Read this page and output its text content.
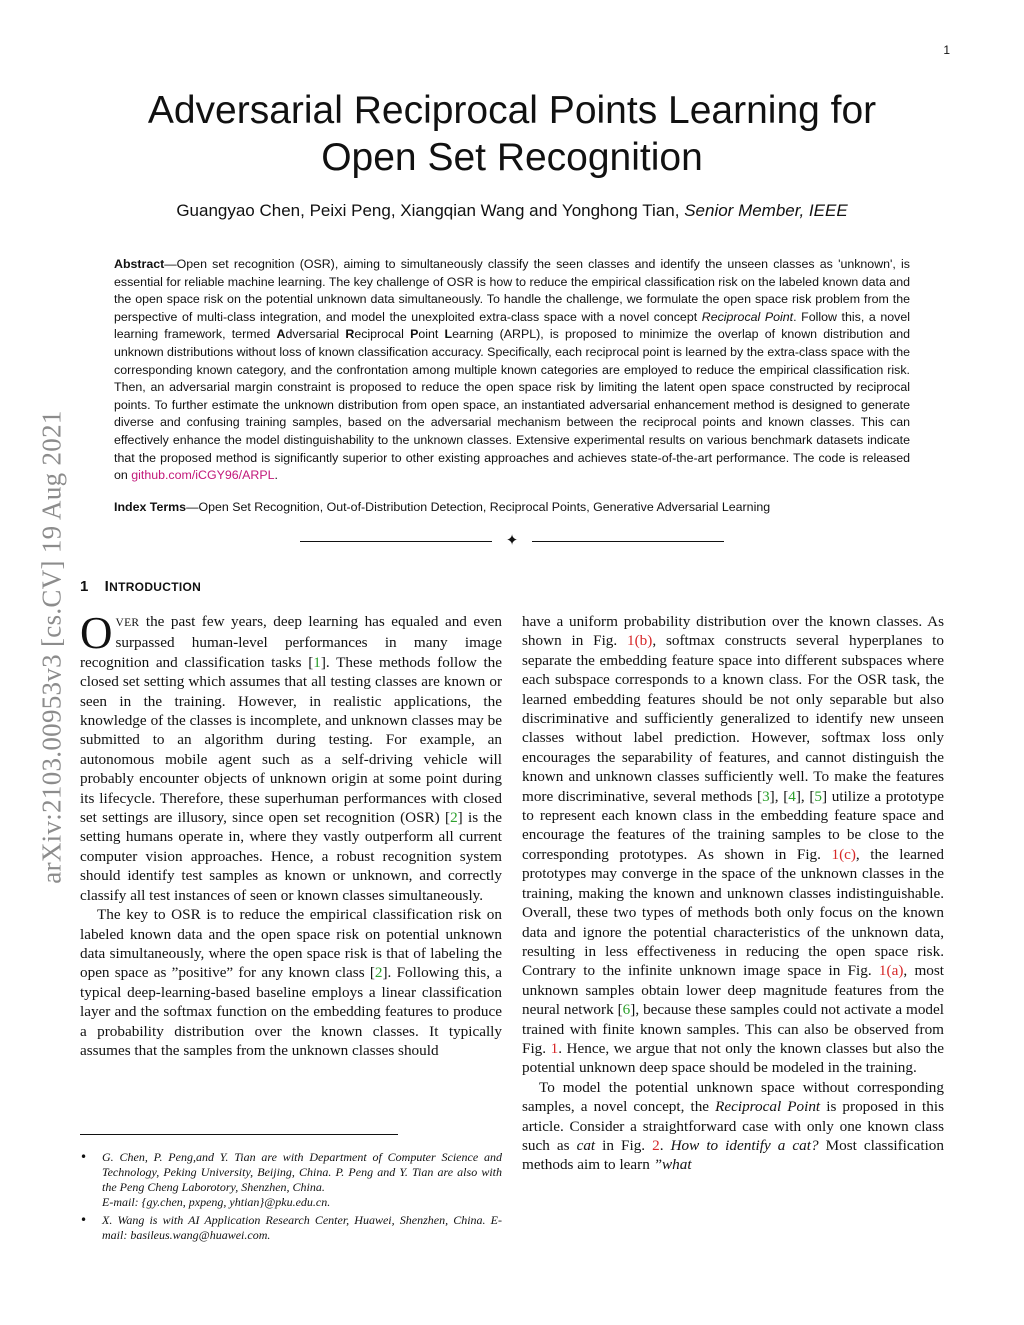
1
arXiv:2103.00953v3 [cs.CV] 19 Aug 2021
Adversarial Reciprocal Points Learning for Open Set Recognition
Guangyao Chen, Peixi Peng, Xiangqian Wang and Yonghong Tian, Senior Member, IEEE
Abstract—Open set recognition (OSR), aiming to simultaneously classify the seen classes and identify the unseen classes as 'unknown', is essential for reliable machine learning. The key challenge of OSR is how to reduce the empirical classification risk on the labeled known data and the open space risk on the potential unknown data simultaneously. To handle the challenge, we formulate the open space risk problem from the perspective of multi-class integration, and model the unexploited extra-class space with a novel concept Reciprocal Point. Follow this, a novel learning framework, termed Adversarial Reciprocal Point Learning (ARPL), is proposed to minimize the overlap of known distribution and unknown distributions without loss of known classification accuracy. Specifically, each reciprocal point is learned by the extra-class space with the corresponding known category, and the confrontation among multiple known categories are employed to reduce the empirical classification risk. Then, an adversarial margin constraint is proposed to reduce the open space risk by limiting the latent open space constructed by reciprocal points. To further estimate the unknown distribution from open space, an instantiated adversarial enhancement method is designed to generate diverse and confusing training samples, based on the adversarial mechanism between the reciprocal points and known classes. This can effectively enhance the model distinguishability to the unknown classes. Extensive experimental results on various benchmark datasets indicate that the proposed method is significantly superior to other existing approaches and achieves state-of-the-art performance. The code is released on github.com/iCGY96/ARPL.
Index Terms—Open Set Recognition, Out-of-Distribution Detection, Reciprocal Points, Generative Adversarial Learning
✦
1 INTRODUCTION

OVER the past few years, deep learning has equaled and even surpassed human-level performances in many image recognition and classification tasks [1]. These methods follow the closed set setting which assumes that all testing classes are known or seen in the training. However, in realistic applications, the knowledge of the classes is incomplete, and unknown classes may be submitted to an algorithm during testing. For example, an autonomous mobile agent such as a self-driving vehicle will probably encounter objects of unknown origin at some point during its lifecycle. Therefore, these superhuman performances with closed set settings are illusory, since open set recognition (OSR) [2] is the setting humans operate in, where they vastly outperform all current computer vision approaches. Hence, a robust recognition system should identify test samples as known or unknown, and correctly classify all test instances of seen or known classes simultaneously.

The key to OSR is to reduce the empirical classification risk on labeled known data and the open space risk on potential unknown data simultaneously, where the open space risk is that of labeling the open space as ”positive” for any known class [2]. Following this, a typical deep-learning-based baseline employs a linear classification layer and the softmax function on the embedding features to produce a probability distribution over the known classes. It typically assumes that the samples from the unknown classes should

have a uniform probability distribution over the known classes. As shown in Fig. 1(b), softmax constructs several hyperplanes to separate the embedding feature space into different subspaces where each subspace corresponds to a known class. For the OSR task, the learned embedding features should be not only separable but also discriminative and sufficiently generalized to identify new unseen classes without label prediction. However, softmax loss only encourages the separability of features, and cannot distinguish the known and unknown classes sufficiently well. To make the features more discriminative, several methods [3], [4], [5] utilize a prototype to represent each known class in the embedding feature space and encourage the features of the training samples to be close to the corresponding prototypes. As shown in Fig. 1(c), the learned prototypes may converge in the space of the unknown classes in the training, making the known and unknown classes indistinguishable. Overall, these two types of methods both only focus on the known data and ignore the potential characteristics of the unknown data, resulting in less effectiveness in reducing the open space risk. Contrary to the infinite unknown image space in Fig. 1(a), most unknown samples obtain lower deep magnitude features from the neural network [6], because these samples could not activate a model trained with finite known samples. This can also be observed from Fig. 1. Hence, we argue that not only the known classes but also the potential unknown deep space should be modeled in the training.

To model the potential unknown space without corresponding samples, a novel concept, the Reciprocal Point is proposed in this article. Consider a straightforward case with only one known class such as cat in Fig. 2. How to identify a cat? Most classification methods aim to learn ”what

• G. Chen, P. Peng,and Y. Tian are with Department of Computer Science and Technology, Peking University, Beijing, China. P. Peng and Y. Tian are also with the Peng Cheng Laborotory, Shenzhen, China.
E-mail: {gy.chen, pxpeng, yhtian}@pku.edu.cn.
• X. Wang is with AI Application Research Center, Huawei, Shenzhen, China. E-mail: basileus.wang@huawei.com.
